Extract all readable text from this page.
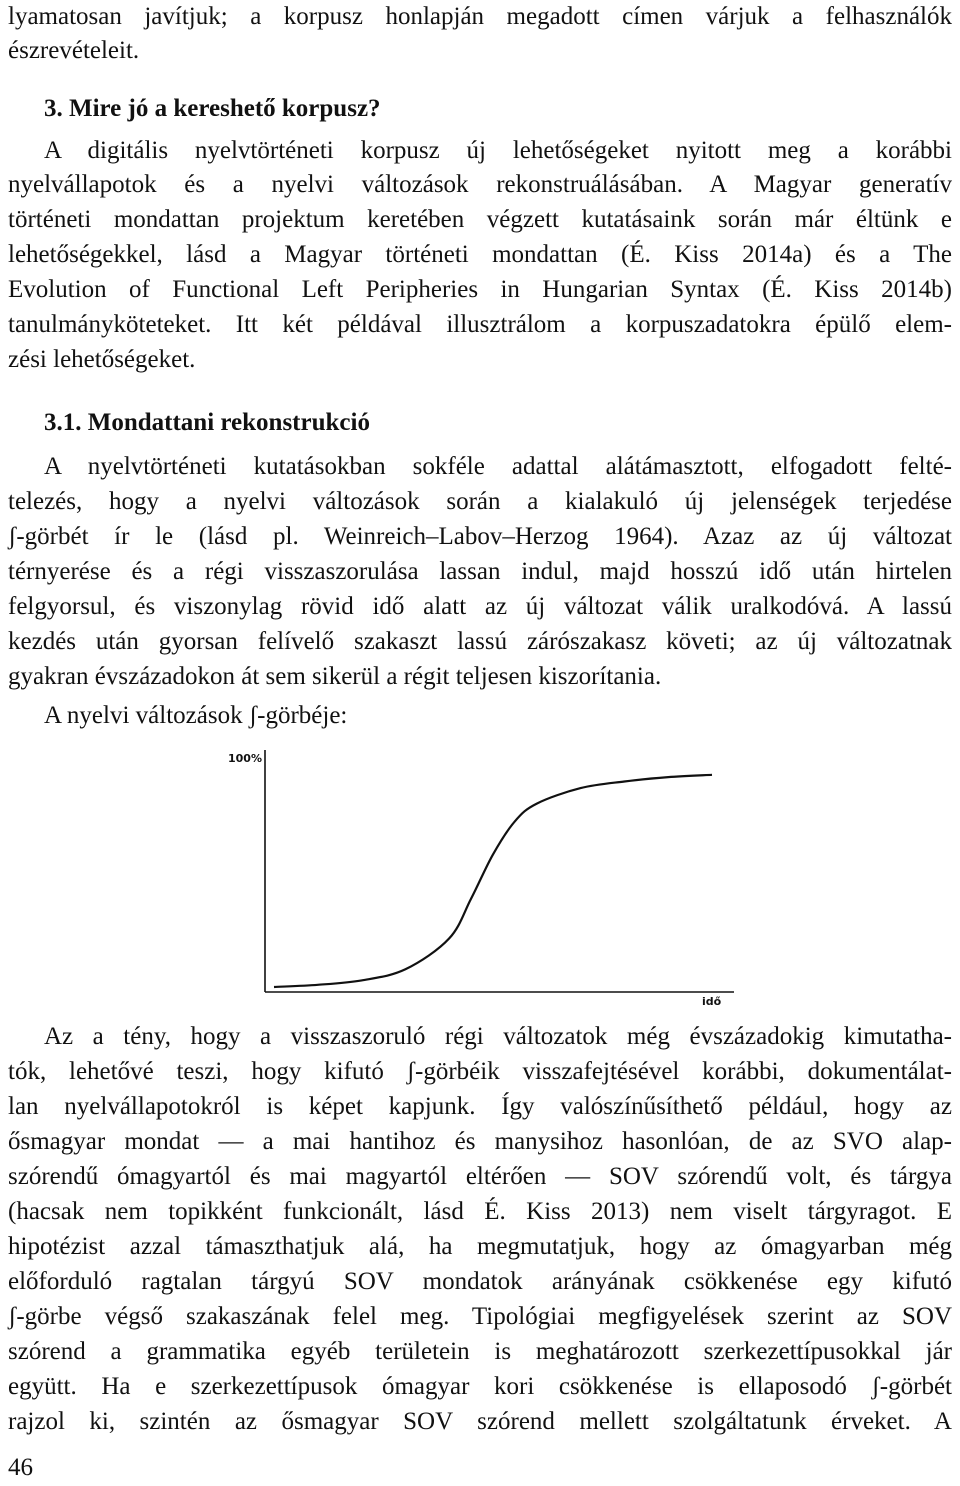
lyamatosan javítjuk; a korpusz honlapján megadott címen várjuk a felhasználók
észrevételeit.
3. Mire jó a kereshető korpusz?
A digitális nyelvtörténeti korpusz új lehetőségeket nyitott meg a korábbi
nyelvállapotok és a nyelvi változások rekonstruálásában. A Magyar generatív
történeti mondattan projektum keretében végzett kutatásaink során már éltünk e
lehetőségekkel, lásd a Magyar történeti mondattan (É. Kiss 2014a) és a The
Evolution of Functional Left Peripheries in Hungarian Syntax (É. Kiss 2014b)
tanulmányköteteket. Itt két példával illusztrálom a korpuszadatokra épülő elem-
zési lehetőségeket.
3.1. Mondattani rekonstrukció
A nyelvtörténeti kutatásokban sokféle adattal alátámasztott, elfogadott felté-
telezés, hogy a nyelvi változások során a kialakuló új jelenségek terjedése
ʃ-görbét ír le (lásd pl. Weinreich–Labov–Herzog 1964). Azaz az új változat
térnyerése és a régi visszaszorulása lassan indul, majd hosszú idő után hirtelen
felgyorsul, és viszonylag rövid idő alatt az új változat válik uralkodóvá. A lassú
kezdés után gyorsan felívelő szakaszt lassú zárószakasz követi; az új változatnak
gyakran évszázadokon át sem sikerül a régit teljesen kiszorítania.
A nyelvi változások ʃ-görbéje:
100%
idő
Az a tény, hogy a visszaszoruló régi változatok még évszázadokig kimutatha-
tók, lehetővé teszi, hogy kifutó ʃ-görbéik visszafejtésével korábbi, dokumentálat-
lan nyelvállapotokról is képet kapjunk. Így valószínűsíthető például, hogy az
ősmagyar mondat — a mai hantihoz és manysihoz hasonlóan, de az SVO alap-
szórendű ómagyartól és mai magyartól eltérően — SOV szórendű volt, és tárgya
(hacsak nem topikként funkcionált, lásd É. Kiss 2013) nem viselt tárgyragot. E
hipotézist azzal támaszthatjuk alá, ha megmutatjuk, hogy az ómagyarban még
előforduló ragtalan tárgyú SOV mondatok arányának csökkenése egy kifutó
ʃ-görbe végső szakaszának felel meg. Tipológiai megfigyelések szerint az SOV
szórend a grammatika egyéb területein is meghatározott szerkezettípusokkal jár
együtt. Ha e szerkezettípusok ómagyar kori csökkenése is ellaposodó ʃ-görbét
rajzol ki, szintén az ősmagyar SOV szórend mellett szolgáltatunk érveket. A
46
